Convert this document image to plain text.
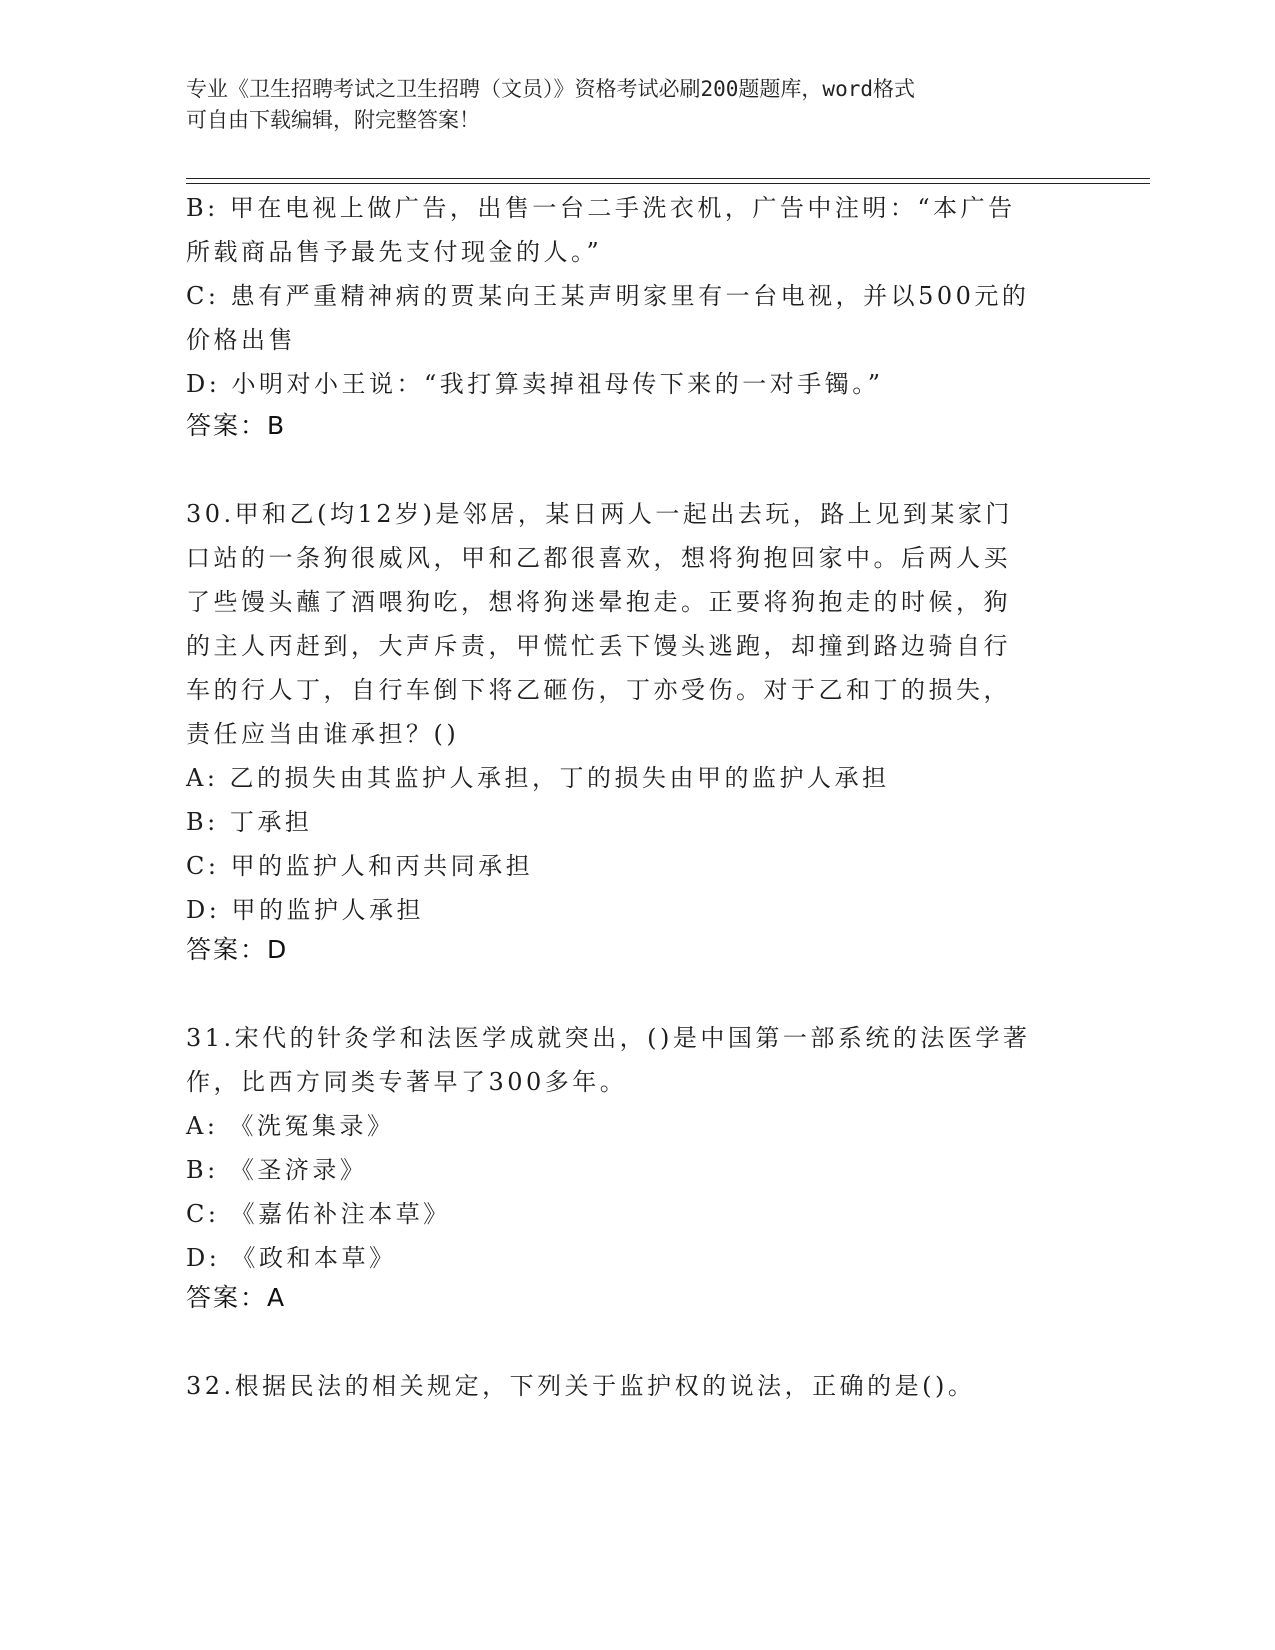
专业《卫生招聘考试之卫生招聘（文员）》资格考试必刷200题题库，word格式
可自由下载编辑，附完整答案！
B: 甲在电视上做广告，出售一台二手洗衣机，广告中注明：“本广告
所载商品售予最先支付现金的人。”
C: 患有严重精神病的贾某向王某声明家里有一台电视，并以500元的
价格出售
D: 小明对小王说：“我打算卖掉祖母传下来的一对手镯。”
答案：B
30.甲和乙(均12岁)是邻居，某日两人一起出去玩，路上见到某家门
口站的一条狗很威风，甲和乙都很喜欢，想将狗抱回家中。后两人买
了些馒头蘸了酒喂狗吃，想将狗迷晕抱走。正要将狗抱走的时候，狗
的主人丙赶到，大声斥责，甲慌忙丢下馒头逃跑，却撞到路边骑自行
车的行人丁，自行车倒下将乙砸伤，丁亦受伤。对于乙和丁的损失，
责任应当由谁承担？()
A: 乙的损失由其监护人承担，丁的损失由甲的监护人承担
B: 丁承担
C: 甲的监护人和丙共同承担
D: 甲的监护人承担
答案：D
31.宋代的针灸学和法医学成就突出，()是中国第一部系统的法医学著
作，比西方同类专著早了300多年。
A: 《洗冤集录》
B: 《圣济录》
C: 《嘉佑补注本草》
D: 《政和本草》
答案：A
32.根据民法的相关规定，下列关于监护权的说法，正确的是()。
